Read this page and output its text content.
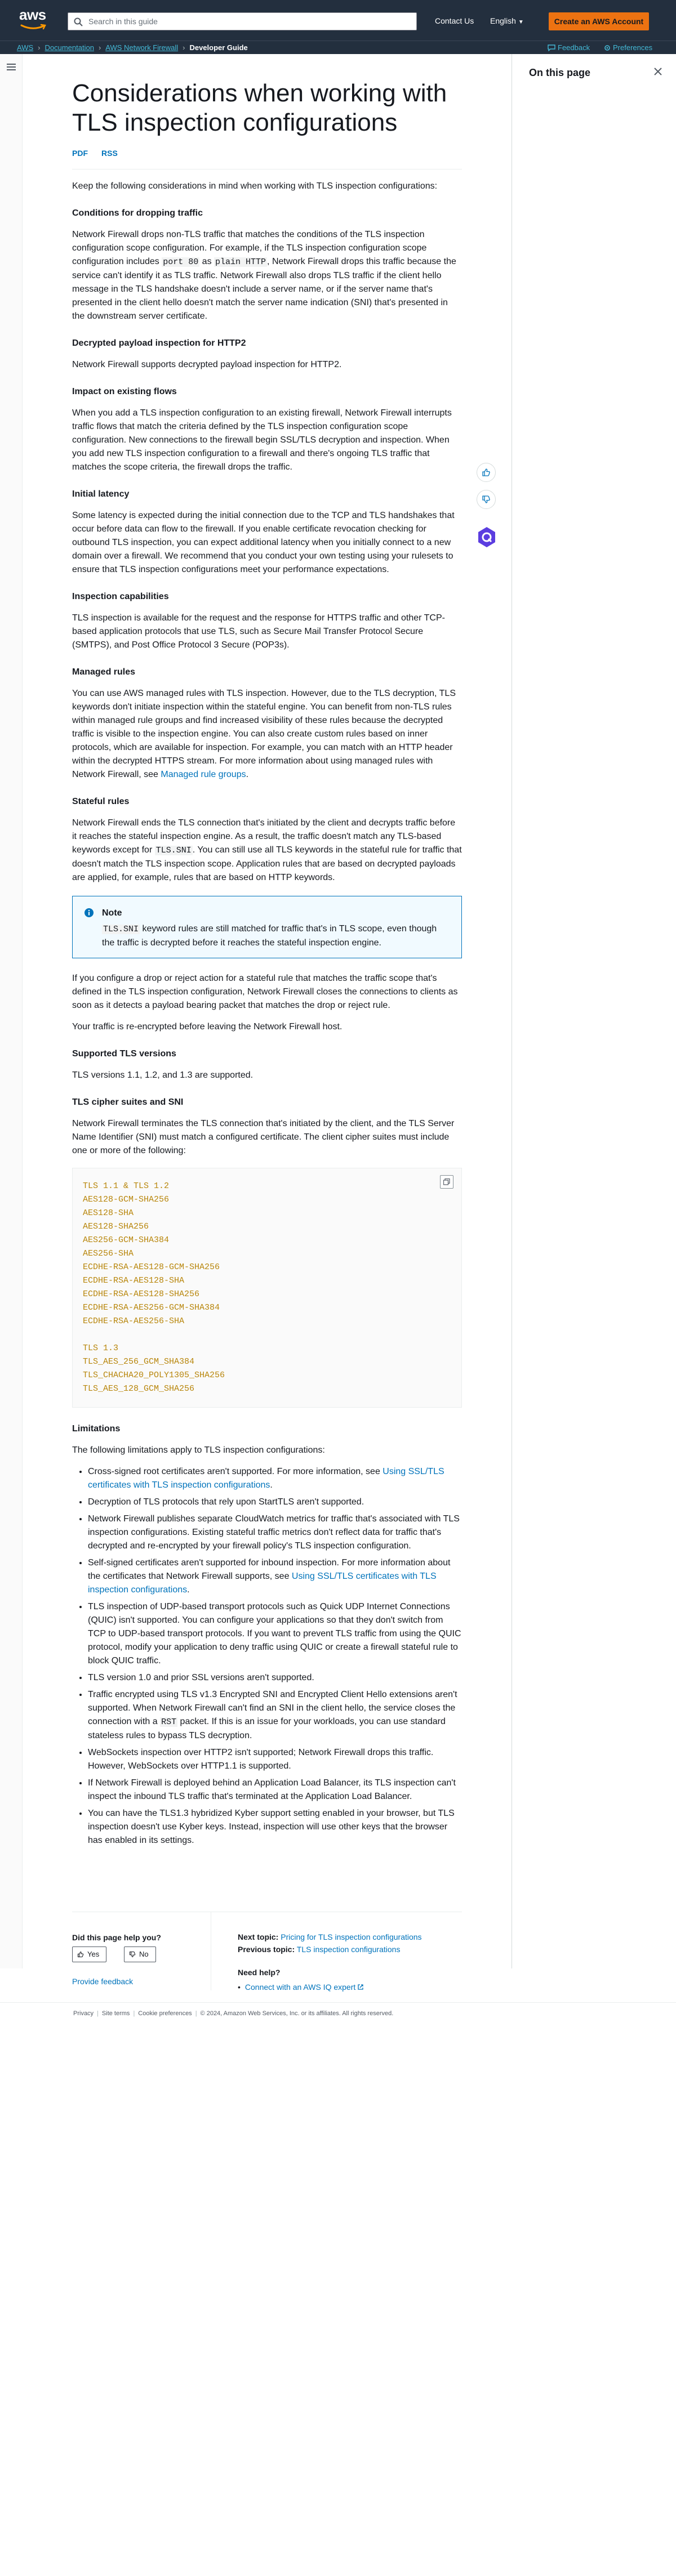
aws
Search in this guide	Contact Us English ▼	Create an AWS Account
AWS › Documentation › AWS Network Firewall › Developer Guide	Feedback	Preferences
On this page
Considerations when working with TLS inspection configurations
PDF RSS

Keep the following considerations in mind when working with TLS inspection configurations:

Conditions for dropping traffic

Network Firewall drops non-TLS traffic that matches the conditions of the TLS inspection configuration scope configuration. For example, if the TLS inspection configuration scope configuration includes port 80 as plain HTTP , Network Firewall drops this traffic because the service can't identify it as TLS traffic. Network Firewall also drops TLS traffic if the client hello message in the TLS handshake doesn't include a server name, or if the server name that's presented in the client hello doesn't match the server name indication (SNI) that's presented in the downstream server certificate.

Decrypted payload inspection for HTTP2

Network Firewall supports decrypted payload inspection for HTTP2.

Impact on existing flows

When you add a TLS inspection configuration to an existing firewall, Network Firewall interrupts traffic flows that match the criteria defined by the TLS inspection configuration scope configuration. New connections to the firewall begin SSL/TLS decryption and inspection. When you add new TLS inspection configuration to a firewall and there's ongoing TLS traffic that matches the scope criteria, the firewall drops the traffic.

Initial latency

Some latency is expected during the initial connection due to the TCP and TLS handshakes that occur before data can flow to the firewall. If you enable certificate revocation checking for outbound TLS inspection, you can expect additional latency when you initially connect to a new domain over a firewall. We recommend that you conduct your own testing using your rulesets to ensure that TLS inspection configurations meet your performance expectations.

Inspection capabilities

TLS inspection is available for the request and the response for HTTPS traffic and other TCP-based application protocols that use TLS, such as Secure Mail Transfer Protocol Secure (SMTPS), and Post Office Protocol 3 Secure (POP3s).

Managed rules

You can use AWS managed rules with TLS inspection. However, due to the TLS decryption, TLS keywords don't initiate inspection within the stateful engine. You can benefit from non-TLS rules within managed rule groups and find increased visibility of these rules because the decrypted traffic is visible to the inspection engine. You can also create custom rules based on inner protocols, which are available for inspection. For example, you can match with an HTTP header within the decrypted HTTPS stream. For more information about using managed rules with Network Firewall, see Managed rule groups.

Stateful rules

Network Firewall ends the TLS connection that's initiated by the client and decrypts traffic before it reaches the stateful inspection engine. As a result, the traffic doesn't match any TLS-based keywords except for TLS.SNI . You can still use all TLS keywords in the stateful rule for traffic that doesn't match the TLS inspection scope. Application rules that are based on decrypted payloads are applied, for example, rules that are based on HTTP keywords.

Note
TLS.SNI keyword rules are still matched for traffic that's in TLS scope, even though the traffic is decrypted before it reaches the stateful inspection engine.

If you configure a drop or reject action for a stateful rule that matches the traffic scope that's defined in the TLS inspection configuration, Network Firewall closes the connections to clients as soon as it detects a payload bearing packet that matches the drop or reject rule.

Your traffic is re-encrypted before leaving the Network Firewall host.

Supported TLS versions

TLS versions 1.1, 1.2, and 1.3 are supported.

TLS cipher suites and SNI

Network Firewall terminates the TLS connection that's initiated by the client, and the TLS Server Name Identifier (SNI) must match a configured certificate. The client cipher suites must include one or more of the following:

TLS 1.1 & TLS 1.2
AES128-GCM-SHA256
AES128-SHA
AES128-SHA256
AES256-GCM-SHA384
AES256-SHA
ECDHE-RSA-AES128-GCM-SHA256
ECDHE-RSA-AES128-SHA
ECDHE-RSA-AES128-SHA256
ECDHE-RSA-AES256-GCM-SHA384
ECDHE-RSA-AES256-SHA
TLS 1.3
TLS_AES_256_GCM_SHA384
TLS_CHACHA20_POLY1305_SHA256
TLS_AES_128_GCM_SHA256
Limitations

The following limitations apply to TLS inspection configurations:

• Cross-signed root certificates aren't supported. For more information, see Using SSL/TLS certificates with TLS inspection configurations.
• Decryption of TLS protocols that rely upon StartTLS aren't supported.
• Network Firewall publishes separate CloudWatch metrics for traffic that's associated with TLS inspection configurations. Existing stateful traffic metrics don't reflect data for traffic that's decrypted and re-encrypted by your firewall policy's TLS inspection configuration.
• Self-signed certificates aren't supported for inbound inspection. For more information about the certificates that Network Firewall supports, see Using SSL/TLS certificates with TLS inspection configurations.
• TLS inspection of UDP-based transport protocols such as Quick UDP Internet Connections (QUIC) isn't supported. You can configure your applications so that they don't switch from TCP to UDP-based transport protocols. If you want to prevent TLS traffic from using the QUIC protocol, modify your application to deny traffic using QUIC or create a firewall stateful rule to block QUIC traffic.
• TLS version 1.0 and prior SSL versions aren't supported.
• Traffic encrypted using TLS v1.3 Encrypted SNI and Encrypted Client Hello extensions aren't supported. When Network Firewall can't find an SNI in the client hello, the service closes the connection with a RST packet. If this is an issue for your workloads, you can use standard stateless rules to bypass TLS decryption.
• WebSockets inspection over HTTP2 isn't supported; Network Firewall drops this traffic. However, WebSockets over HTTP1.1 is supported.
• If Network Firewall is deployed behind an Application Load Balancer, its TLS inspection can't inspect the inbound TLS traffic that's terminated at the Application Load Balancer.
• You can have the TLS1.3 hybridized Kyber support setting enabled in your browser, but TLS inspection doesn't use Kyber keys. Instead, inspection will use other keys that the browser has enabled in its settings.
Did this page help you?
Yes	No
Provide feedback
Next topic: Pricing for TLS inspection configurations
Previous topic: TLS inspection configurations
Need help?
• Connect with an AWS IQ expert
Privacy | Site terms | Cookie preferences | © 2024, Amazon Web Services, Inc. or its affiliates. All rights reserved.
